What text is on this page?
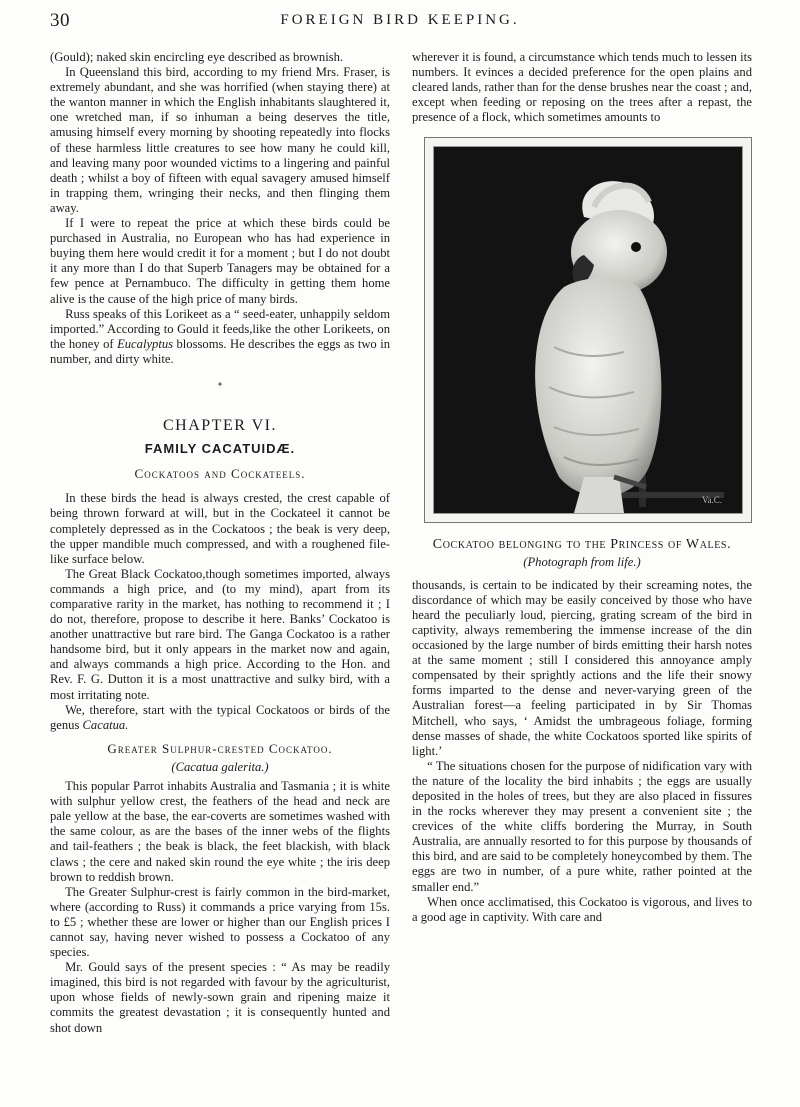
30	FOREIGN BIRD KEEPING.

(Gould); naked skin encircling eye described as brownish.

In Queensland this bird, according to my friend Mrs. Fraser, is extremely abundant, and she was horrified (when staying there) at the wanton manner in which the English inhabitants slaughtered it, one wretched man, if so inhuman a being deserves the title, amusing himself every morning by shooting repeatedly into flocks of these harmless little creatures to see how many he could kill, and leaving many poor wounded victims to a lingering and painful death ; whilst a boy of fifteen with equal savagery amused himself in trapping them, wringing their necks, and then flinging them away.

If I were to repeat the price at which these birds could be purchased in Australia, no European who has had experience in buying them here would credit it for a moment ; but I do not doubt it any more than I do that Superb Tanagers may be obtained for a few pence at Pernambuco. The difficulty in getting them home alive is the cause of the high price of many birds.

Russ speaks of this Lorikeet as a “ seed-eater, unhappily seldom imported.” According to Gould it feeds,like the other Lorikeets, on the honey of Eucalyptus blossoms. He describes the eggs as two in number, and dirty white.

✦
CHAPTER VI.
FAMILY CACATUIDÆ.
Cockatoos and Cockateels.

In these birds the head is always crested, the crest capable of being thrown forward at will, but in the Cockateel it cannot be completely depressed as in the Cockatoos ; the beak is very deep, the upper mandible much compressed, and with a roughened file-like surface below.

The Great Black Cockatoo,though sometimes imported, always commands a high price, and (to my mind), apart from its comparative rarity in the market, has nothing to recommend it ; I do not, therefore, propose to describe it here. Banks’ Cockatoo is another unattractive but rare bird. The Ganga Cockatoo is a rather handsome bird, but it only appears in the market now and again, and always commands a high price. According to the Hon. and Rev. F. G. Dutton it is a most unattractive and sulky bird, with a most irritating note.

We, therefore, start with the typical Cockatoos or birds of the genus Cacatua.

Greater Sulphur-crested Cockatoo.
(Cacatua galerita.)

This popular Parrot inhabits Australia and Tasmania ; it is white with sulphur yellow crest, the feathers of the head and neck are pale yellow at the base, the ear-coverts are sometimes washed with the same colour, as are the bases of the inner webs of the flights and tail-feathers ; the beak is black, the feet blackish, with black claws ; the cere and naked skin round the eye white ; the iris deep brown to reddish brown.

The Greater Sulphur-crest is fairly common in the bird-market, where (according to Russ) it commands a price varying from 15s. to £5 ; whether these are lower or higher than our English prices I cannot say, having never wished to possess a Cockatoo of any species.

Mr. Gould says of the present species : “ As may be readily imagined, this bird is not regarded with favour by the agriculturist, upon whose fields of newly-sown grain and ripening maize it commits the greatest devastation ; it is consequently hunted and shot down

wherever it is found, a circumstance which tends much to lessen its numbers. It evinces a decided preference for the open plains and cleared lands, rather than for the dense brushes near the coast ; and, except when feeding or reposing on the trees after a repast, the presence of a flock, which sometimes amounts to

Va.C.
Cockatoo belonging to the Princess of Wales.
(Photograph from life.)

thousands, is certain to be indicated by their screaming notes, the discordance of which may be easily conceived by those who have heard the peculiarly loud, piercing, grating scream of the bird in captivity, always remembering the immense increase of the din occasioned by the large number of birds emitting their harsh notes at the same moment ; still I considered this annoyance amply compensated by their sprightly actions and the life their snowy forms imparted to the dense and never-varying green of the Australian forest—a feeling participated in by Sir Thomas Mitchell, who says, ‘ Amidst the umbrageous foliage, forming dense masses of shade, the white Cockatoos sported like spirits of light.’

“ The situations chosen for the purpose of nidification vary with the nature of the locality the bird inhabits ; the eggs are usually deposited in the holes of trees, but they are also placed in fissures in the rocks wherever they may present a convenient site ; the crevices of the white cliffs bordering the Murray, in South Australia, are annually resorted to for this purpose by thousands of this bird, and are said to be completely honeycombed by them. The eggs are two in number, of a pure white, rather pointed at the smaller end.”

When once acclimatised, this Cockatoo is vigorous, and lives to a good age in captivity. With care and
